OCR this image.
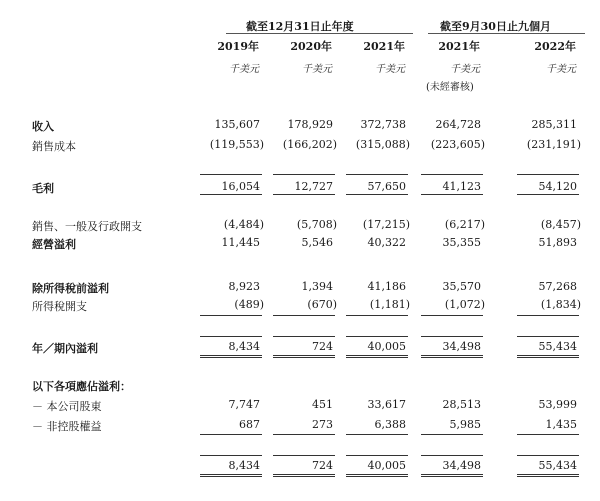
截至12月31日止年度	截至9月30日止九個月
2019年	2020年	2021年	2021年	2022年
千美元	千美元	千美元	千美元	千美元
(未經審核)
收入	135,607	178,929	372,738	264,728	285,311
銷售成本	(119,553)	(166,202)	(315,088)	(223,605)	(231,191)
毛利	16,054	12,727	57,650	41,123	54,120
銷售、一般及行政開支	(4,484)	(5,708)	(17,215)	(6,217)	(8,457)
經營溢利	11,445	5,546	40,322	35,355	51,893
除所得稅前溢利	8,923	1,394	41,186	35,570	57,268
所得稅開支	(489)	(670)	(1,181)	(1,072)	(1,834)
年／期內溢利	8,434	724	40,005	34,498	55,434
以下各項應佔溢利：
－ 本公司股東	7,747	451	33,617	28,513	53,999
－ 非控股權益	687	273	6,388	5,985	1,435
8,434	724	40,005	34,498	55,434
